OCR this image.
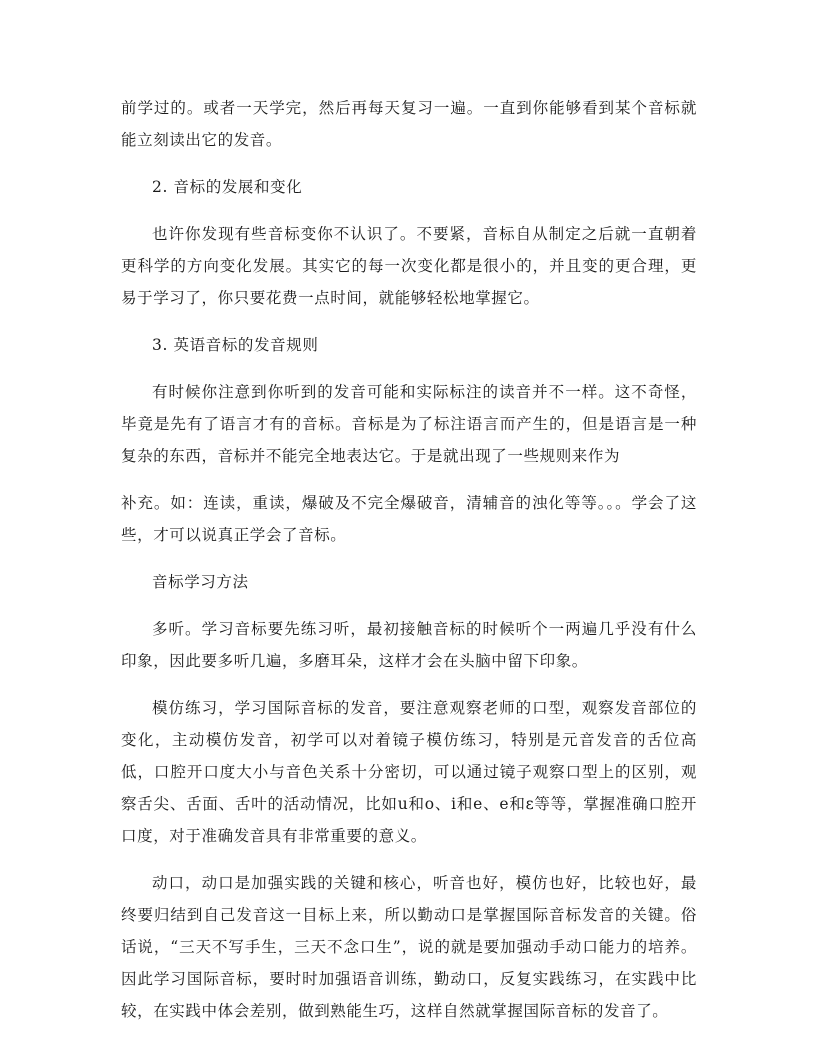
前学过的。或者一天学完，然后再每天复习一遍。一直到你能够看到某个音标就能立刻读出它的发音。

2. 音标的发展和变化

也许你发现有些音标变你不认识了。不要紧，音标自从制定之后就一直朝着更科学的方向变化发展。其实它的每一次变化都是很小的，并且变的更合理，更易于学习了，你只要花费一点时间，就能够轻松地掌握它。

3. 英语音标的发音规则

有时候你注意到你听到的发音可能和实际标注的读音并不一样。这不奇怪，毕竟是先有了语言才有的音标。音标是为了标注语言而产生的，但是语言是一种复杂的东西，音标并不能完全地表达它。于是就出现了一些规则来作为

补充。如：连读，重读，爆破及不完全爆破音，清辅音的浊化等等。。。学会了这些，才可以说真正学会了音标。

音标学习方法

多听。学习音标要先练习听，最初接触音标的时候听个一两遍几乎没有什么印象，因此要多听几遍，多磨耳朵，这样才会在头脑中留下印象。

模仿练习，学习国际音标的发音，要注意观察老师的口型，观察发音部位的变化，主动模仿发音，初学可以对着镜子模仿练习，特别是元音发音的舌位高低，口腔开口度大小与音色关系十分密切，可以通过镜子观察口型上的区别，观察舌尖、舌面、舌叶的活动情况，比如u和o、i和e、e和ε等等，掌握准确口腔开口度，对于准确发音具有非常重要的意义。

动口，动口是加强实践的关键和核心，听音也好，模仿也好，比较也好，最终要归结到自己发音这一目标上来，所以勤动口是掌握国际音标发音的关键。俗话说，“三天不写手生，三天不念口生”，说的就是要加强动手动口能力的培养。因此学习国际音标，要时时加强语音训练，勤动口，反复实践练习，在实践中比较，在实践中体会差别，做到熟能生巧，这样自然就掌握国际音标的发音了。
